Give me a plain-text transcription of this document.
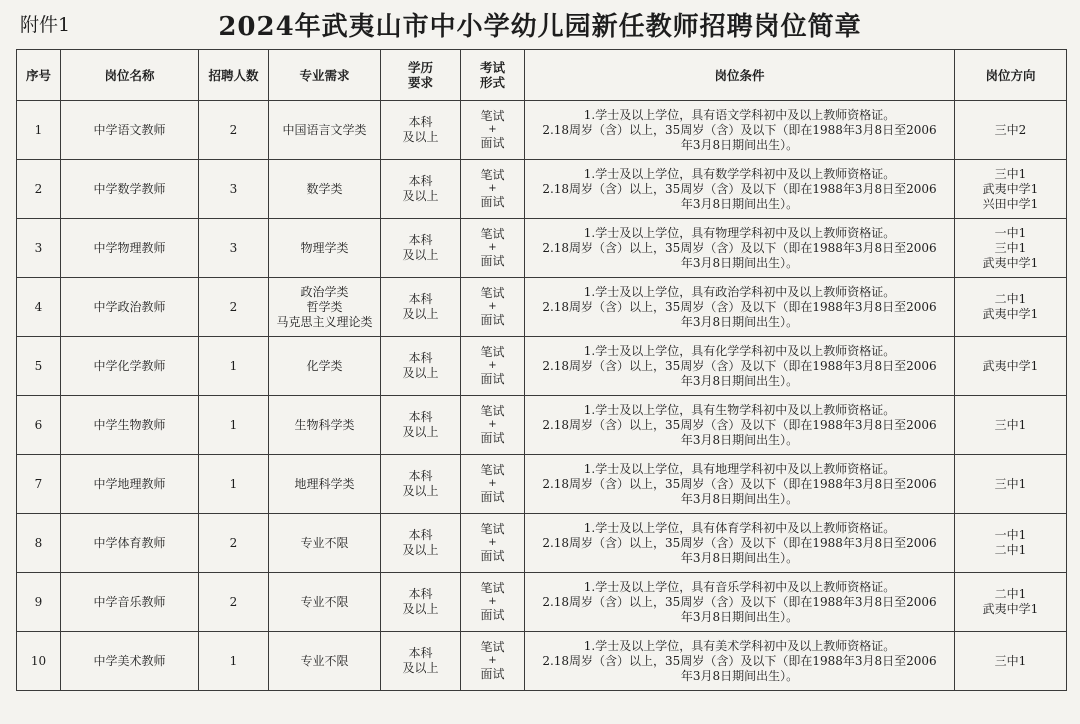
附件1	2024年武夷山市中小学幼儿园新任教师招聘岗位简章
序号	岗位名称	招聘人数	专业需求	学历
要求	考试
形式	岗位条件	岗位方向
1	中学语文教师	2	中国语言文学类	本科
及以上	笔试
+
面试	1.学士及以上学位，具有语文学科初中及以上教师资格证。
2.18周岁（含）以上，35周岁（含）及以下（即在1988年3月8日至2006
年3月8日期间出生）。	三中2

2	中学数学教师	3	数学类	本科
及以上	笔试
+
面试	1.学士及以上学位，具有数学学科初中及以上教师资格证。
2.18周岁（含）以上，35周岁（含）及以下（即在1988年3月8日至2006
年3月8日期间出生）。	三中1
武夷中学1
兴田中学1

3	中学物理教师	3	物理学类	本科
及以上	笔试
+
面试	1.学士及以上学位，具有物理学科初中及以上教师资格证。
2.18周岁（含）以上，35周岁（含）及以下（即在1988年3月8日至2006
年3月8日期间出生）。	一中1
三中1
武夷中学1

4	中学政治教师	2	政治学类
哲学类
马克思主义理论类	本科
及以上	笔试
+
面试	1.学士及以上学位，具有政治学科初中及以上教师资格证。
2.18周岁（含）以上，35周岁（含）及以下（即在1988年3月8日至2006
年3月8日期间出生）。	二中1
武夷中学1

5	中学化学教师	1	化学类	本科
及以上	笔试
+
面试	1.学士及以上学位，具有化学学科初中及以上教师资格证。
2.18周岁（含）以上，35周岁（含）及以下（即在1988年3月8日至2006
年3月8日期间出生）。	武夷中学1

6	中学生物教师	1	生物科学类	本科
及以上	笔试
+
面试	1.学士及以上学位，具有生物学科初中及以上教师资格证。
2.18周岁（含）以上，35周岁（含）及以下（即在1988年3月8日至2006
年3月8日期间出生）。	三中1

7	中学地理教师	1	地理科学类	本科
及以上	笔试
+
面试	1.学士及以上学位，具有地理学科初中及以上教师资格证。
2.18周岁（含）以上，35周岁（含）及以下（即在1988年3月8日至2006
年3月8日期间出生）。	三中1

8	中学体育教师	2	专业不限	本科
及以上	笔试
+
面试	1.学士及以上学位，具有体育学科初中及以上教师资格证。
2.18周岁（含）以上，35周岁（含）及以下（即在1988年3月8日至2006
年3月8日期间出生）。	一中1
二中1

9	中学音乐教师	2	专业不限	本科
及以上	笔试
+
面试	1.学士及以上学位，具有音乐学科初中及以上教师资格证。
2.18周岁（含）以上，35周岁（含）及以下（即在1988年3月8日至2006
年3月8日期间出生）。	二中1
武夷中学1

10	中学美术教师	1	专业不限	本科
及以上	笔试
+
面试	1.学士及以上学位，具有美术学科初中及以上教师资格证。
2.18周岁（含）以上，35周岁（含）及以下（即在1988年3月8日至2006
年3月8日期间出生）。	三中1
